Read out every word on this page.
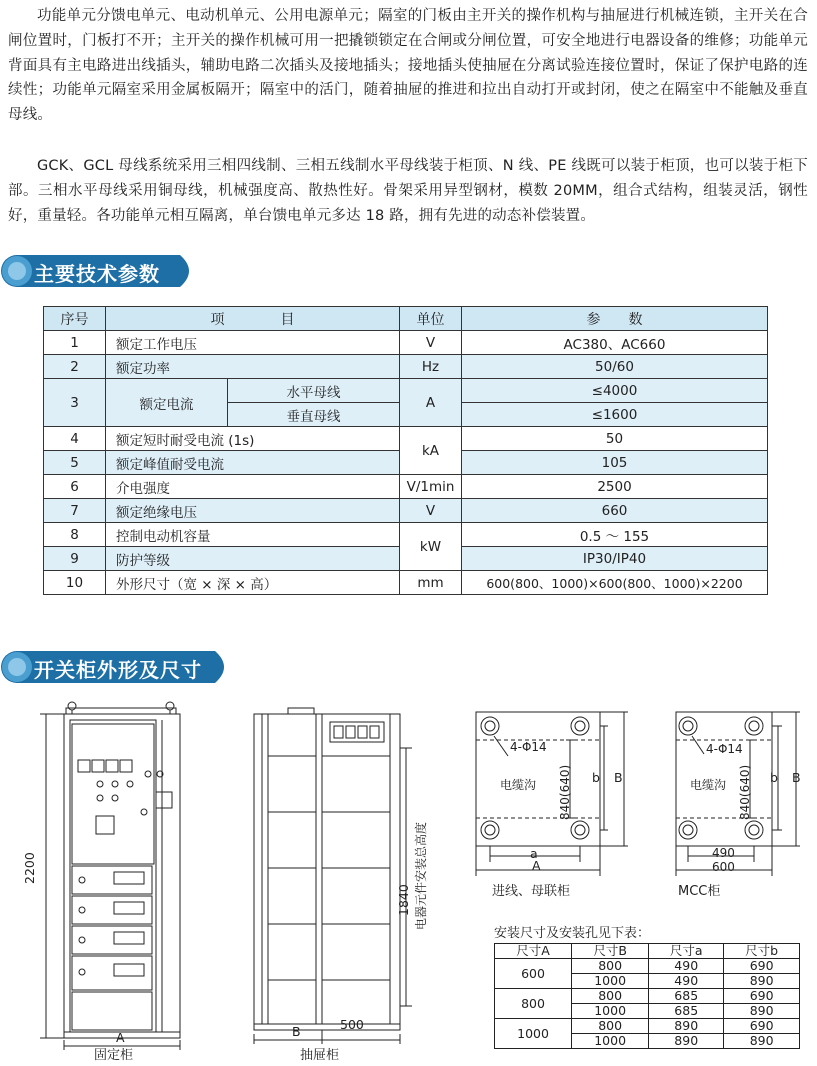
功能单元分馈电单元、电动机单元、公用电源单元；隔室的门板由主开关的操作机构与抽屉进行机械连锁，主开关在合闸位置时，门板打不开；主开关的操作机械可用一把撬锁锁定在合闸或分闸位置，可安全地进行电器设备的维修；功能单元背面具有主电路进出线插头，辅助电路二次插头及接地插头；接地插头使抽屉在分离试验连接位置时，保证了保护电路的连续性；功能单元隔室采用金属板隔开；隔室中的活门，随着抽屉的推进和拉出自动打开或封闭，使之在隔室中不能触及垂直母线。

GCK、GCL 母线系统采用三相四线制、三相五线制水平母线装于柜顶、N 线、PE 线既可以装于柜顶，也可以装于柜下部。三相水平母线采用铜母线，机械强度高、散热性好。骨架采用异型钢材，模数 20MM，组合式结构，组装灵活，钢性好，重量轻。各功能单元相互隔离，单台馈电单元多达 18 路，拥有先进的动态补偿装置。

主要技术参数
序号	项　　　　目		单位	参　　数
1	额定工作电压		V	AC380、AC660
2	额定功率		Hz	50/60
3	额定电流	水平母线	A	≤4000
		垂直母线		≤1600
4	额定短时耐受电流 (1s)		kA	50
5	额定峰值耐受电流			105
6	介电强度		V/1min	2500
7	额定绝缘电压		V	660
8	控制电动机容量		kW	0.5 ～ 155
9	防护等级			IP30/IP40
10	外形尺寸（宽 × 深 × 高）		mm	600(800、1000)×600(800、1000)×2200
开关柜外形及尺寸
2200
A
固定柜
1840 电器元件安装总高度
B	500
抽屉柜
4-Φ14
电缆沟 840(640) b B
a
A
进线、母联柜
4-Φ14
电缆沟 840(640) b B
490
600
MCC柜
安装尺寸及安装孔见下表：
尺寸A	尺寸B	尺寸a	尺寸b
600	800	490	690
	1000	490	890
800	800	685	690
	1000	685	890
1000	800	890	690
	1000	890	890
